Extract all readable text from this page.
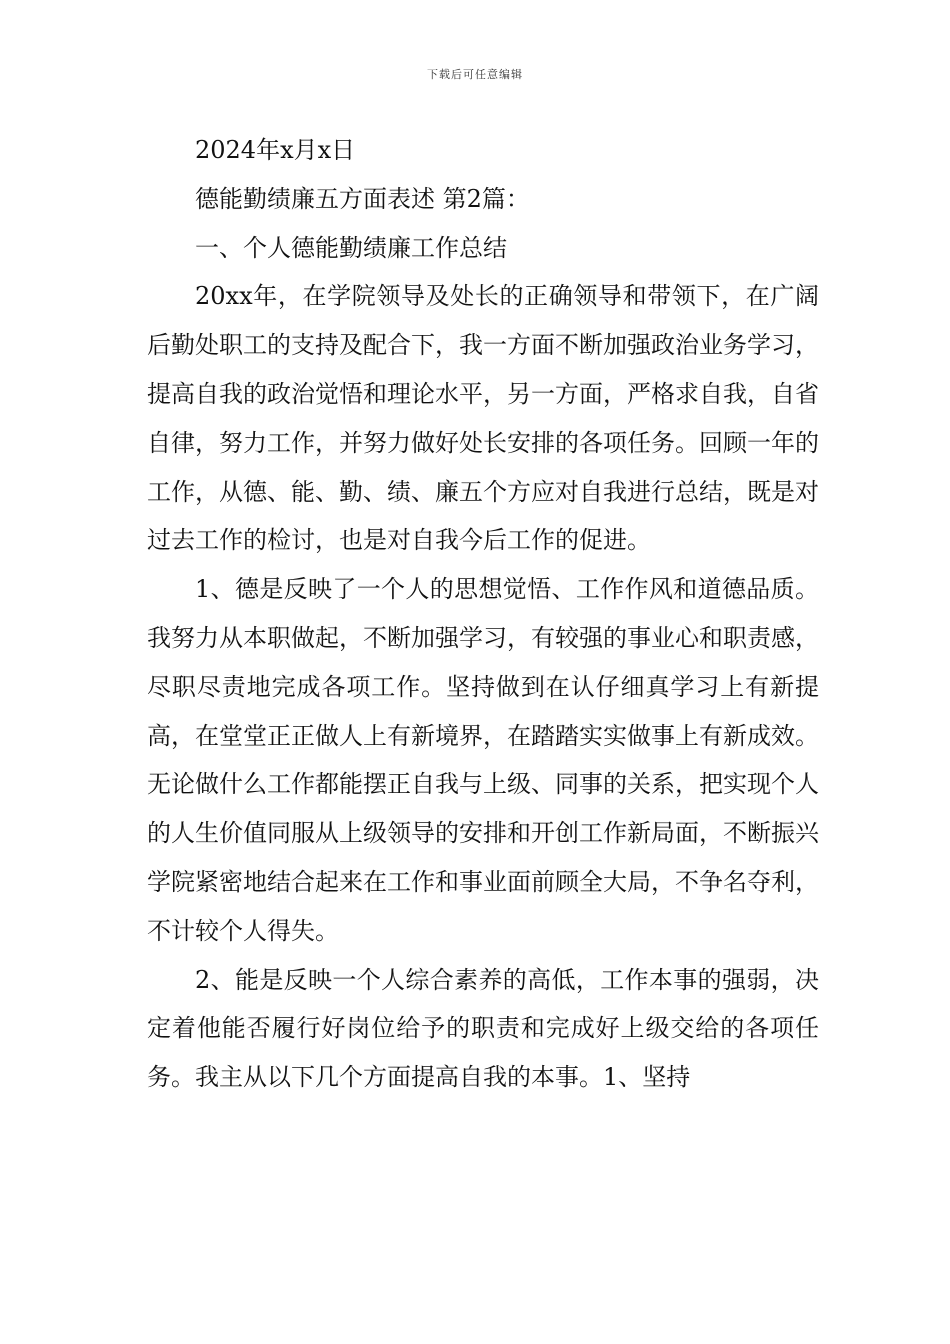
下载后可任意编辑
2024年x月x日
德能勤绩廉五方面表述 第2篇：
一、个人德能勤绩廉工作总结

20xx年，在学院领导及处长的正确领导和带领下，在广阔后勤处职工的支持及配合下，我一方面不断加强政治业务学习，提高自我的政治觉悟和理论水平，另一方面，严格求自我，自省自律，努力工作，并努力做好处长安排的各项任务。回顾一年的工作，从德、能、勤、绩、廉五个方应对自我进行总结，既是对过去工作的检讨，也是对自我今后工作的促进。

1、德是反映了一个人的思想觉悟、工作作风和道德品质。我努力从本职做起，不断加强学习，有较强的事业心和职责感，尽职尽责地完成各项工作。坚持做到在认仔细真学习上有新提高，在堂堂正正做人上有新境界，在踏踏实实做事上有新成效。无论做什么工作都能摆正自我与上级、同事的关系，把实现个人的人生价值同服从上级领导的安排和开创工作新局面，不断振兴学院紧密地结合起来在工作和事业面前顾全大局，不争名夺利，不计较个人得失。

2、能是反映一个人综合素养的高低，工作本事的强弱，决定着他能否履行好岗位给予的职责和完成好上级交给的各项任务。我主从以下几个方面提高自我的本事。1、坚持
